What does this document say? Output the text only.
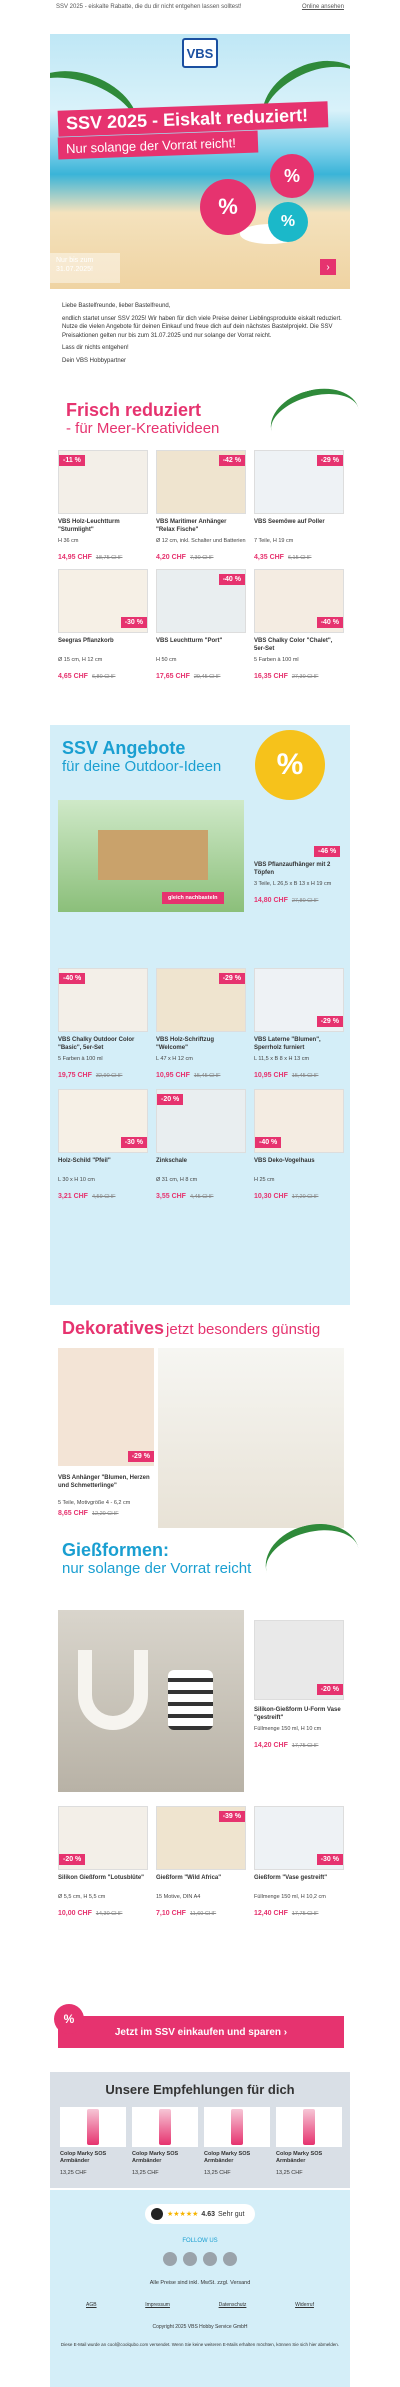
SSV 2025 - eiskalte Rabatte, die du dir nicht entgehen lassen solltest!	Online ansehen
VBS
SSV 2025 - Eiskalt reduziert!
Nur solange der Vorrat reicht!
%
%
%
Nur bis zum 31.07.2025!	›

Liebe Bastelfreunde, lieber Bastelfreund,

endlich startet unser SSV 2025! Wir haben für dich viele Preise deiner Lieblingsprodukte eiskalt reduziert. Nutze die vielen Angebote für deinen Einkauf und freue dich auf dein nächstes Bastelprojekt. Die SSV Preisaktionen gelten nur bis zum 31.07.2025 und nur solange der Vorrat reicht.

Lass dir nichts entgehen!

Dein VBS Hobbypartner

Frisch reduziert
- für Meer-Kreativideen
-11 %
VBS Holz-Leuchtturm "Sturmlight"
H 36 cm
14,95 CHF 18,75 CHF
-42 %
VBS Maritimer Anhänger "Relax Fische"
Ø 12 cm, inkl. Schalter und Batterien
4,20 CHF 7,30 CHF
-29 %
VBS Seemöwe auf Poller
7 Teile, H 19 cm
4,35 CHF 6,15 CHF
-30 %
Seegras Pflanzkorb
Ø 15 cm, H 12 cm
4,65 CHF 6,80 CHF
-40 %
VBS Leuchtturm "Port"
H 50 cm
17,65 CHF 29,45 CHF
-40 %
VBS Chalky Color "Chalet", 5er-Set
5 Farben à 100 ml
16,35 CHF 27,30 CHF
SSV Angebote
für deine Outdoor-Ideen	%
gleich nachbasteln
-46 %
VBS Pflanzaufhänger mit 2 Töpfen
3 Teile, L 26,5 x B 13 x H 19 cm
14,80 CHF 27,80 CHF
-40 %
VBS Chalky Outdoor Color "Basic", 5er-Set
5 Farben à 100 ml
19,75 CHF 32,90 CHF
-29 %
VBS Holz-Schriftzug "Welcome"
L 47 x H 12 cm
10,95 CHF 15,45 CHF
-29 %
VBS Laterne "Blumen", Sperrholz furniert
L 11,5 x B 8 x H 13 cm
10,95 CHF 15,45 CHF
-30 %
Holz-Schild "Pfeil"
L 30 x H 10 cm
3,21 CHF 4,59 CHF
-20 %
Zinkschale
Ø 31 cm, H 8 cm
3,55 CHF 4,45 CHF
-40 %
VBS Deko-Vogelhaus
H 25 cm
10,30 CHF 17,20 CHF
Dekoratives jetzt besonders günstig
-29 %
VBS Anhänger "Blumen, Herzen und Schmetterlinge"
5 Teile, Motivgröße 4 - 6,2 cm
8,65 CHF 12,20 CHF
Gießformen:
nur solange der Vorrat reicht
-20 %
Silikon-Gießform U-Form Vase "gestreift"
Füllmenge 150 ml, H 10 cm
14,20 CHF 17,75 CHF
-20 %
Silikon Gießform "Lotusblüte"
Ø 5,5 cm, H 5,5 cm
10,00 CHF 14,30 CHF
-39 %
Gießform "Wild Africa"
15 Motive, DIN A4
7,10 CHF 11,60 CHF
-30 %
Gießform "Vase gestreift"
Füllmenge 150 ml, H 10,2 cm
12,40 CHF 17,75 CHF
%
Jetzt im SSV einkaufen und sparen ›
Unsere Empfehlungen für dich
Colop Marky SOS Armbänder
13,25 CHF
Colop Marky SOS Armbänder
13,25 CHF
Colop Marky SOS Armbänder
13,25 CHF
Colop Marky SOS Armbänder
13,25 CHF
★★★★★ 4.63 Sehr gut
FOLLOW US
Alle Preise sind inkl. MwSt. zzgl. Versand
AGB	Impressum	Datenschutz	Widerruf
Copyright 2025 VBS Hobby Service GmbH
Diese E-Mail wurde an cool@coolqubo.com versendet. Wenn Sie keine weiteren E-Mails erhalten möchten, können Sie sich hier abmelden.
